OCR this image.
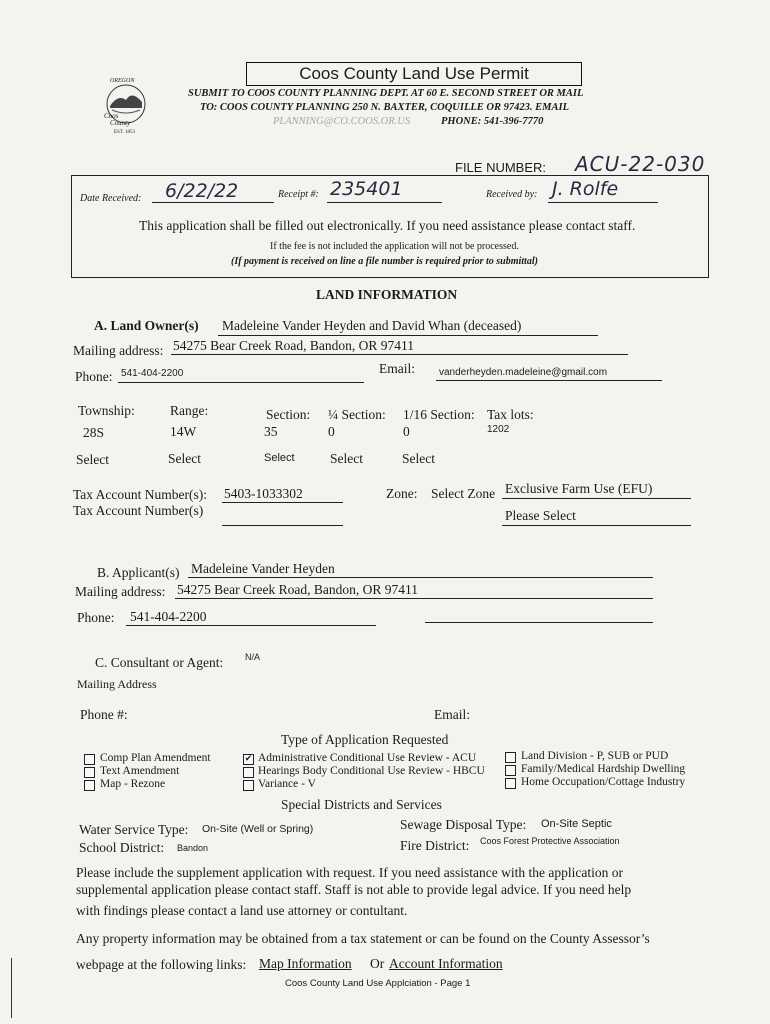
OREGON
Coos
County
EST. 1853
Coos County Land Use Permit
SUBMIT TO COOS COUNTY PLANNING DEPT. AT 60 E. SECOND STREET OR MAIL
TO: COOS COUNTY PLANNING 250 N. BAXTER, COQUILLE OR 97423. EMAIL
PLANNING@CO.COOS.OR.US	PHONE: 541-396-7770
FILE NUMBER: ACU-22-030
Date Received: 6/22/22	Receipt #: 235401	Received by: J. Rolfe
This application shall be filled out electronically. If you need assistance please contact staff.
If the fee is not included the application will not be processed.
(If payment is received on line a file number is required prior to submittal)
LAND INFORMATION
A. Land Owner(s) Madeleine Vander Heyden and David Whan (deceased)
Mailing address: 54275 Bear Creek Road, Bandon, OR 97411
Phone: 541-404-2200	Email: vanderheyden.madeleine@gmail.com
Township:
28S
Range:
14W
Section:
35
¼ Section:
0
1/16 Section:
0
Tax lots:
1202
Select	Select	Select	Select	Select
Tax Account Number(s): 5403-1033302
Tax Account Number(s)
Zone: Select Zone Exclusive Farm Use (EFU)
Please Select
B. Applicant(s) Madeleine Vander Heyden
Mailing address: 54275 Bear Creek Road, Bandon, OR 97411
Phone: 541-404-2200
C. Consultant or Agent: N/A
Mailing Address
Phone #:	Email:
Type of Application Requested
Comp Plan Amendment
Text Amendment
Map - Rezone
✔ Administrative Conditional Use Review - ACU
Hearings Body Conditional Use Review - HBCU
Variance - V
Land Division - P, SUB or PUD
Family/Medical Hardship Dwelling
Home Occupation/Cottage Industry
Special Districts and Services
Water Service Type: On-Site (Well or Spring)	Sewage Disposal Type: On-Site Septic
School District: Bandon	Fire District: Coos Forest Protective Association
Please include the supplement application with request. If you need assistance with the application or
supplemental application please contact staff. Staff is not able to provide legal advice. If you need help
with findings please contact a land use attorney or contultant.
Any property information may be obtained from a tax statement or can be found on the County Assessor’s
webpage at the following links: Map Information Or Account Information
Coos County Land Use Applciation - Page 1
